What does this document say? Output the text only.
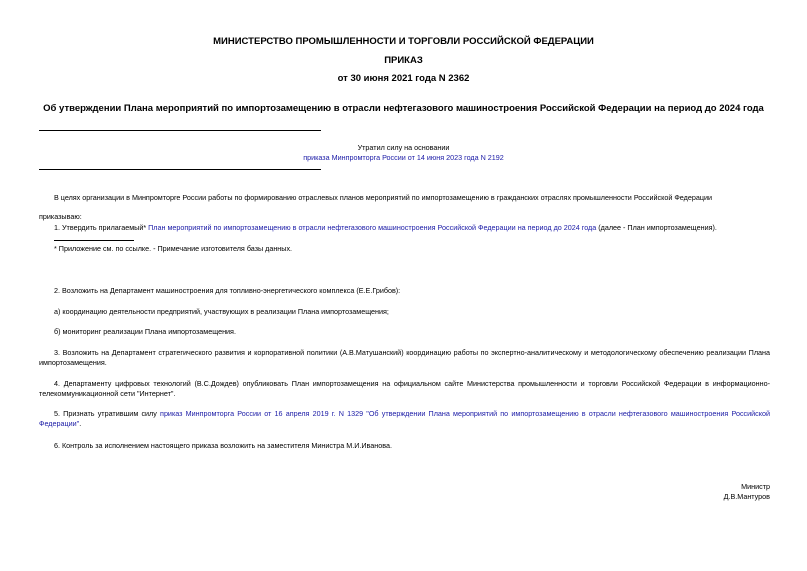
МИНИСТЕРСТВО ПРОМЫШЛЕННОСТИ И ТОРГОВЛИ РОССИЙСКОЙ ФЕДЕРАЦИИ

ПРИКАЗ

от 30 июня 2021 года N 2362

Об утверждении Плана мероприятий по импортозамещению в отрасли нефтегазового машиностроения Российской Федерации на период до 2024 года

Утратил силу на основании

приказа Минпромторга России от 14 июня 2023 года N 2192

В целях организации в Минпромторге России работы по формированию отраслевых планов мероприятий по импортозамещению в гражданских отраслях промышленности Российской Федерации

приказываю:

1. Утвердить прилагаемый* План мероприятий по импортозамещению в отрасли нефтегазового машиностроения Российской Федерации на период до 2024 года (далее - План импортозамещения).

* Приложение см. по ссылке. - Примечание изготовителя базы данных.

2. Возложить на Департамент машиностроения для топливно-энергетического комплекса (Е.Е.Грибов):

а) координацию деятельности предприятий, участвующих в реализации Плана импортозамещения;

б) мониторинг реализации Плана импортозамещения.

3. Возложить на Департамент стратегического развития и корпоративной политики (А.В.Матушанский) координацию работы по экспертно-аналитическому и методологическому обеспечению реализации Плана импортозамещения.

4. Департаменту цифровых технологий (В.С.Дождев) опубликовать План импортозамещения на официальном сайте Министерства промышленности и торговли Российской Федерации в информационно-телекоммуникационной сети "Интернет".

5. Признать утратившим силу приказ Минпромторга России от 16 апреля 2019 г. N 1329 "Об утверждении Плана мероприятий по импортозамещению в отрасли нефтегазового машиностроения Российской Федерации".

6. Контроль за исполнением настоящего приказа возложить на заместителя Министра М.И.Иванова.

Министр

Д.В.Мантуров
